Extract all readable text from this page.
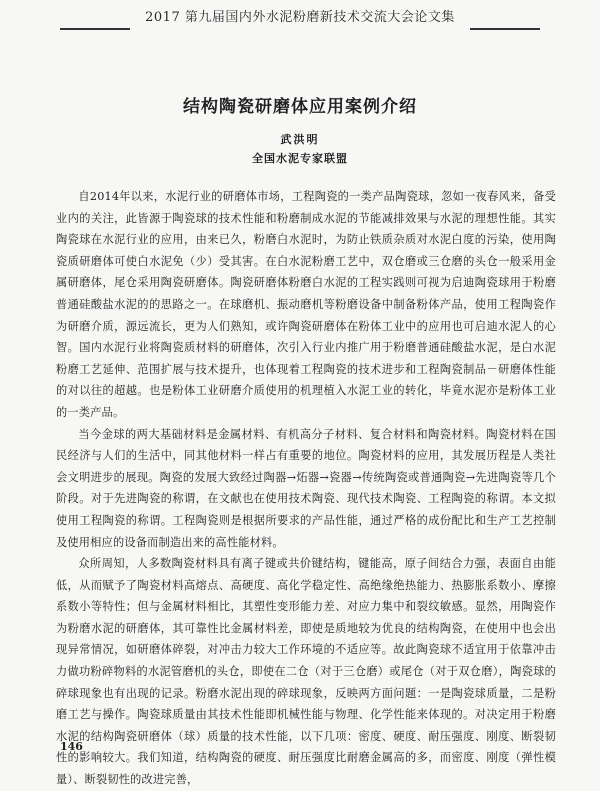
2017 第九届国内外水泥粉磨新技术交流大会论文集
结构陶瓷研磨体应用案例介绍
武洪明
全国水泥专家联盟

自2014年以来，水泥行业的研磨体市场，工程陶瓷的一类产品陶瓷球，忽如一夜春风来，备受业内的关注，此皆源于陶瓷球的技术性能和粉磨制成水泥的节能减排效果与水泥的理想性能。其实陶瓷球在水泥行业的应用，由来已久，粉磨白水泥时，为防止铁质杂质对水泥白度的污染，使用陶瓷质研磨体可使白水泥免（少）受其害。在白水泥粉磨工艺中，双仓磨或三仓磨的头仓一般采用金属研磨体，尾仓采用陶瓷研磨体。陶瓷研磨体粉磨白水泥的工程实践则可视为启迪陶瓷球用于粉磨普通硅酸盐水泥的的思路之一。在球磨机、振动磨机等粉磨设备中制备粉体产品，使用工程陶瓷作为研磨介质，源远流长，更为人们熟知，或许陶瓷研磨体在粉体工业中的应用也可启迪水泥人的心智。国内水泥行业将陶瓷质材料的研磨体，次引入行业内推广用于粉磨普通硅酸盐水泥，是白水泥粉磨工艺延伸、范围扩展与技术提升，也体现着工程陶瓷的技术进步和工程陶瓷制品－研磨体性能的对以往的超越。也是粉体工业研磨介质使用的机理植入水泥工业的转化，毕竟水泥亦是粉体工业的一类产品。

当今金球的两大基础材料是金属材料、有机高分子材料、复合材料和陶瓷材料。陶瓷材料在国民经济与人们的生活中，同其他材料一样占有重要的地位。陶瓷材料的应用，其发展历程是人类社会文明进步的展现。陶瓷的发展大致经过陶器→炻器→瓷器→传统陶瓷或普通陶瓷→先进陶瓷等几个阶段。对于先进陶瓷的称谓，在文献也在使用技术陶瓷、现代技术陶瓷、工程陶瓷的称谓。本文拟使用工程陶瓷的称谓。工程陶瓷则是根据所要求的产品性能，通过严格的成份配比和生产工艺控制及使用相应的设备而制造出来的高性能材料。

众所周知，人多数陶瓷材料具有离子键或共价键结构，键能高，原子间结合力强，表面自由能低，从而赋予了陶瓷材料高熔点、高硬度、高化学稳定性、高绝缘绝热能力、热膨胀系数小、摩擦系数小等特性；但与金属材料相比，其塑性变形能力差、对应力集中和裂纹敏感。显然，用陶瓷作为粉磨水泥的研磨体，其可靠性比金属材料差，即使是质地较为优良的结构陶瓷，在使用中也会出现异常情况，如研磨体碎裂，对冲击力较大工作环境的不适应等。故此陶瓷球不适宜用于依靠冲击力做功粉碎物料的水泥管磨机的头仓，即使在二仓（对于三仓磨）或尾仓（对于双仓磨），陶瓷球的碎球现象也有出现的记录。粉磨水泥出现的碎球现象，反映两方面问题：一是陶瓷球质量，二是粉磨工艺与操作。陶瓷球质量由其技术性能即机械性能与物理、化学性能来体现的。对决定用于粉磨水泥的结构陶瓷研磨体（球）质量的技术性能，以下几项：密度、硬度、耐压强度、刚度、断裂韧性的影响较大。我们知道，结构陶瓷的硬度、耐压强度比耐磨金属高的多，而密度、刚度（弹性模量）、断裂韧性的改进完善，

146
